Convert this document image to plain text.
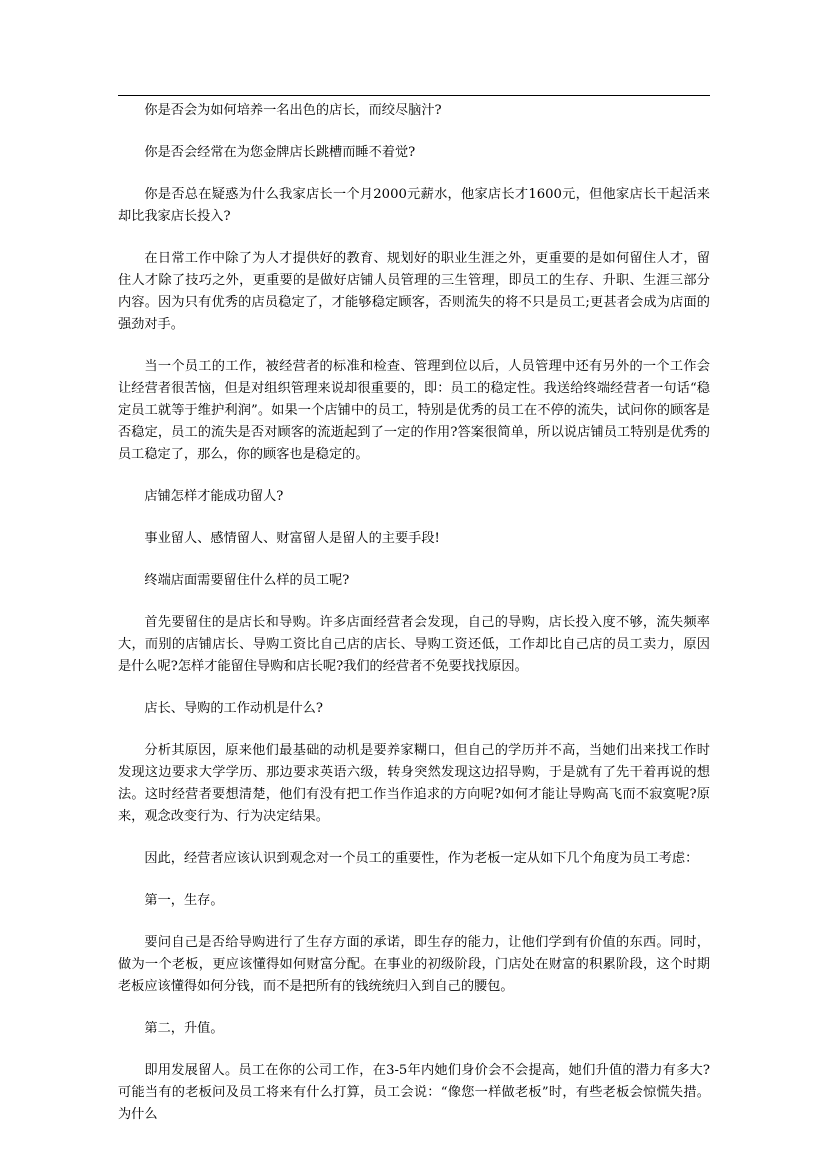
你是否会为如何培养一名出色的店长，而绞尽脑汁?

你是否会经常在为您金牌店长跳槽而睡不着觉?

你是否总在疑惑为什么我家店长一个月2000元薪水，他家店长才1600元，但他家店长干起活来却比我家店长投入?

在日常工作中除了为人才提供好的教育、规划好的职业生涯之外，更重要的是如何留住人才，留住人才除了技巧之外，更重要的是做好店铺人员管理的三生管理，即员工的生存、升职、生涯三部分内容。因为只有优秀的店员稳定了，才能够稳定顾客，否则流失的将不只是员工;更甚者会成为店面的强劲对手。

当一个员工的工作，被经营者的标准和检查、管理到位以后，人员管理中还有另外的一个工作会让经营者很苦恼，但是对组织管理来说却很重要的，即：员工的稳定性。我送给终端经营者一句话“稳定员工就等于维护利润”。如果一个店铺中的员工，特别是优秀的员工在不停的流失，试问你的顾客是否稳定，员工的流失是否对顾客的流逝起到了一定的作用?答案很简单，所以说店铺员工特别是优秀的员工稳定了，那么，你的顾客也是稳定的。

店铺怎样才能成功留人?

事业留人、感情留人、财富留人是留人的主要手段!

终端店面需要留住什么样的员工呢?

首先要留住的是店长和导购。许多店面经营者会发现，自己的导购，店长投入度不够，流失频率大，而别的店铺店长、导购工资比自己店的店长、导购工资还低，工作却比自己店的员工卖力，原因是什么呢?怎样才能留住导购和店长呢?我们的经营者不免要找找原因。

店长、导购的工作动机是什么?

分析其原因，原来他们最基础的动机是要养家糊口，但自己的学历并不高，当她们出来找工作时发现这边要求大学学历、那边要求英语六级，转身突然发现这边招导购，于是就有了先干着再说的想法。这时经营者要想清楚，他们有没有把工作当作追求的方向呢?如何才能让导购高飞而不寂寞呢?原来，观念改变行为、行为决定结果。

因此，经营者应该认识到观念对一个员工的重要性，作为老板一定从如下几个角度为员工考虑：

第一，生存。

要问自己是否给导购进行了生存方面的承诺，即生存的能力，让他们学到有价值的东西。同时，做为一个老板，更应该懂得如何财富分配。在事业的初级阶段，门店处在财富的积累阶段，这个时期老板应该懂得如何分钱，而不是把所有的钱统统归入到自己的腰包。

第二，升值。

即用发展留人。员工在你的公司工作，在3-5年内她们身价会不会提高，她们升值的潜力有多大?可能当有的老板问及员工将来有什么打算，员工会说：“像您一样做老板”时，有些老板会惊慌失措。为什么
